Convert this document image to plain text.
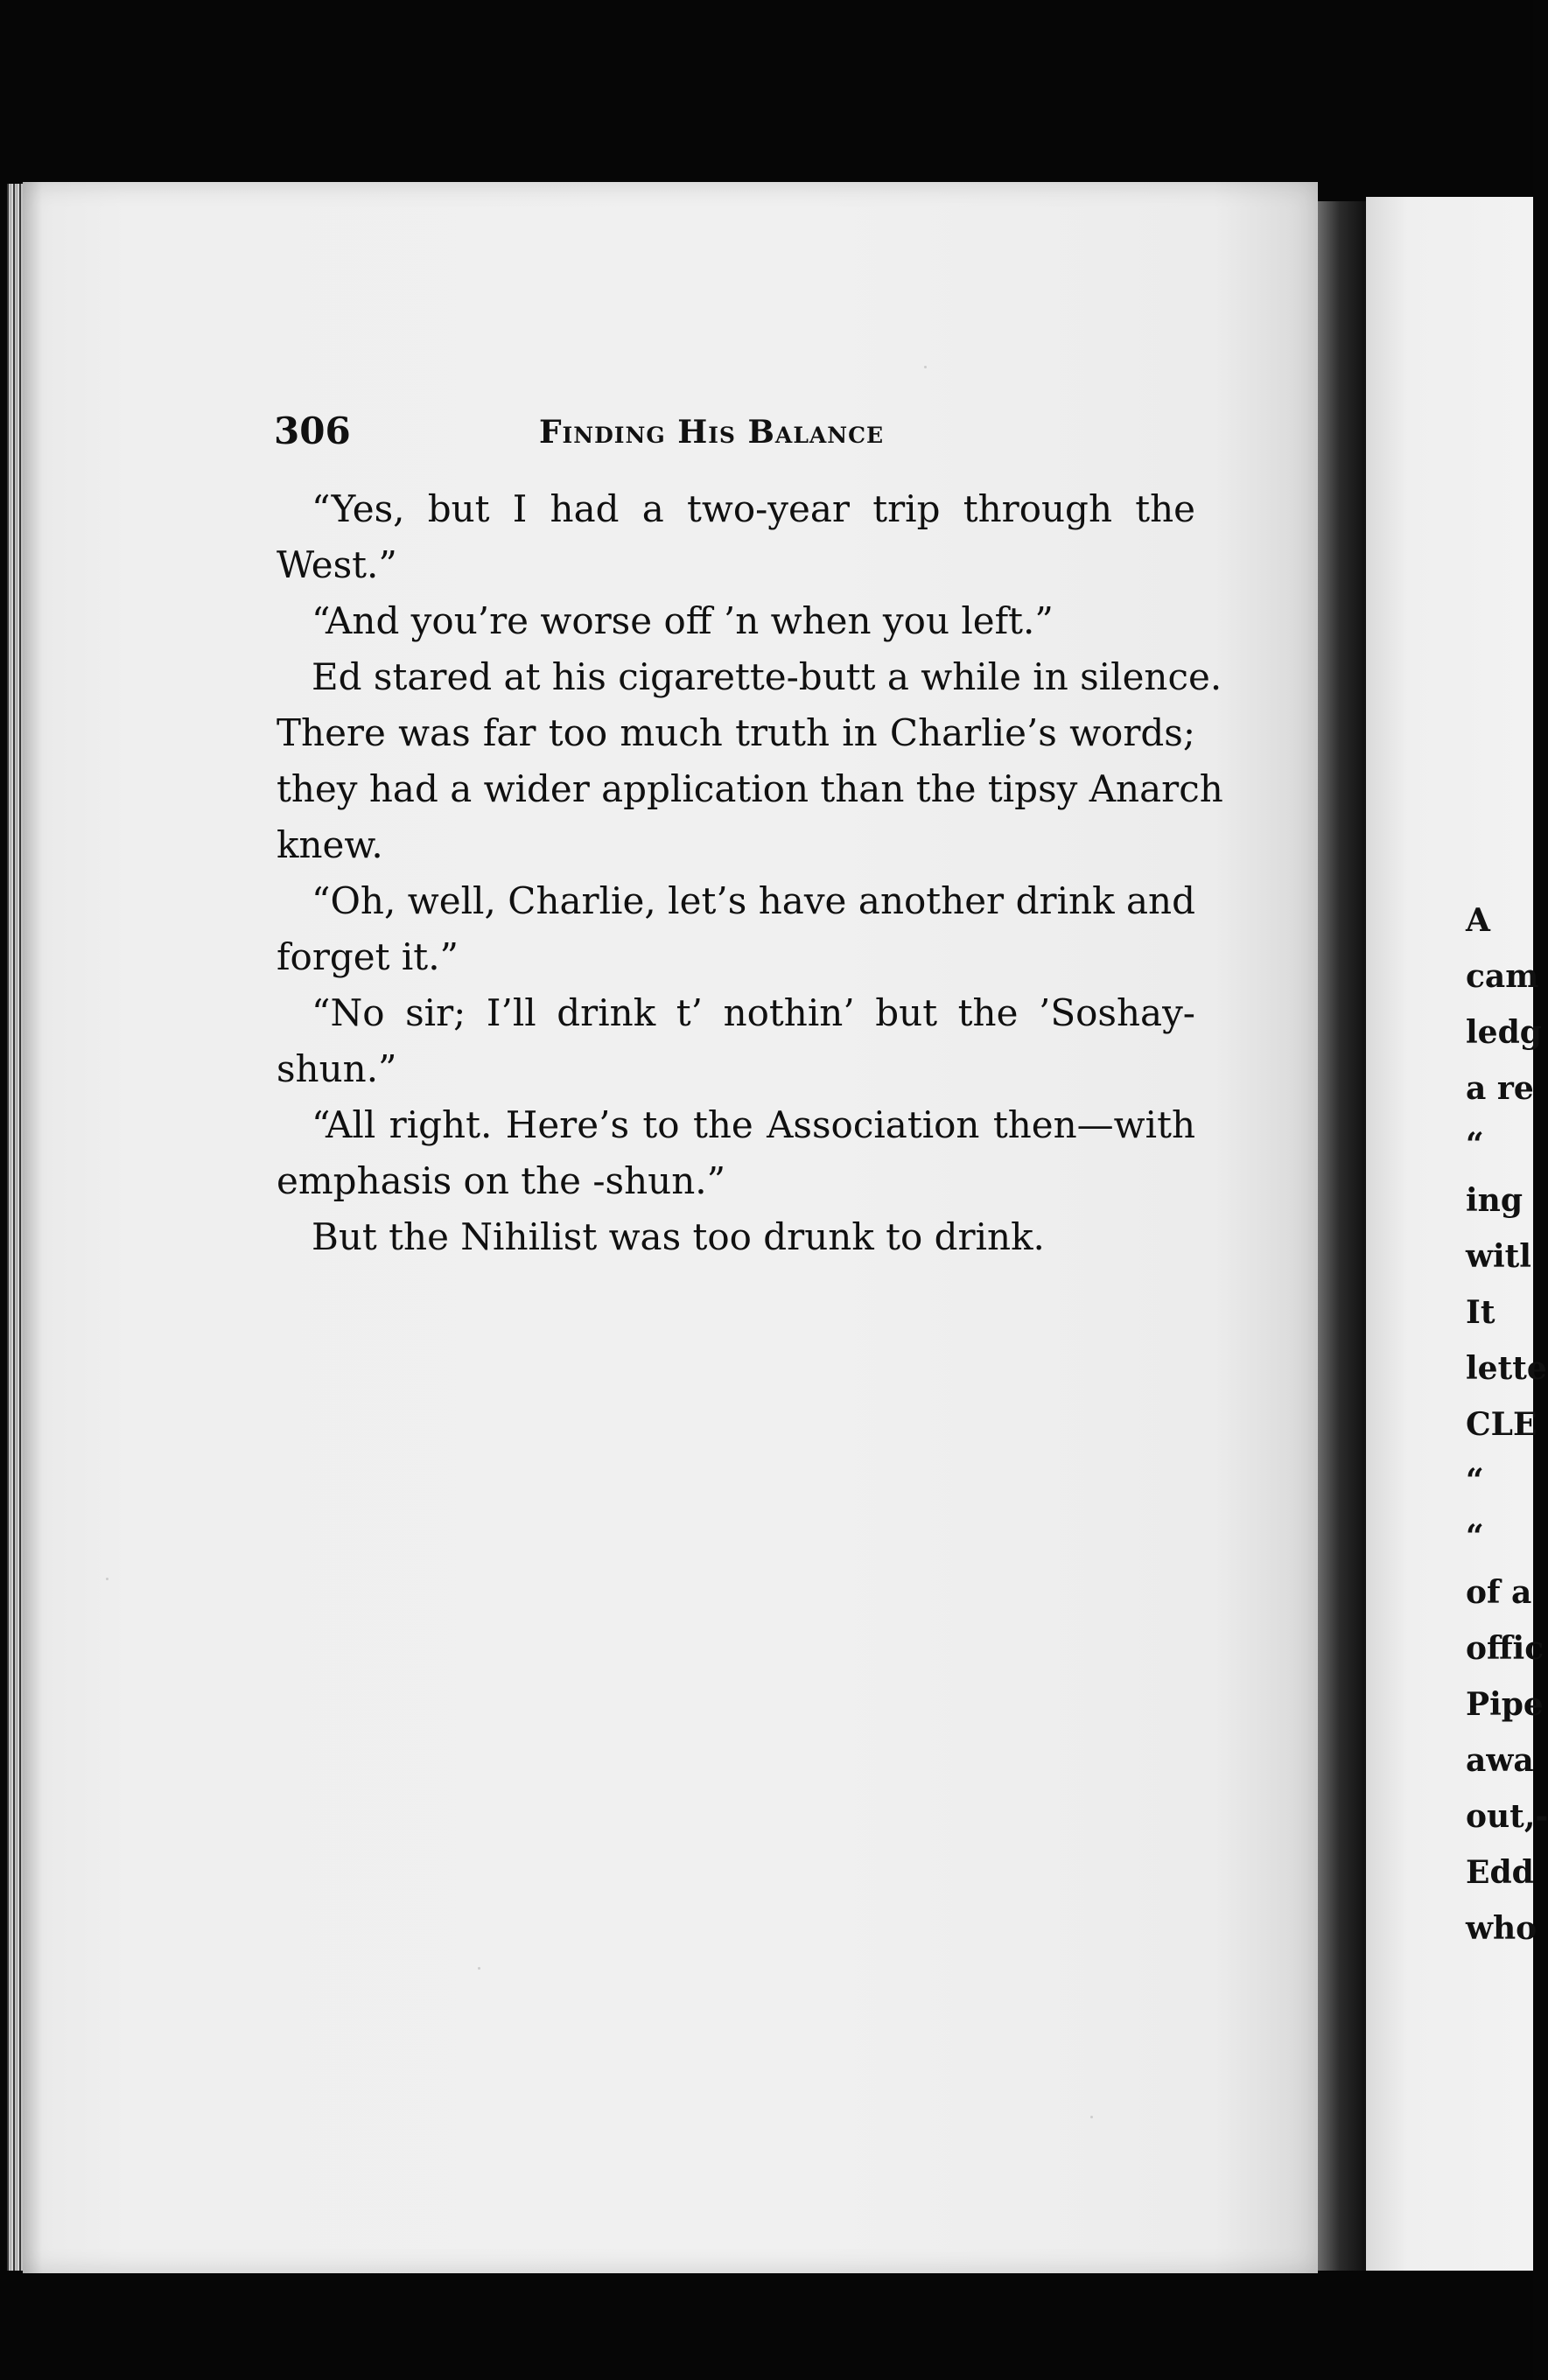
306	Finding His Balance
“Yes, but I had a two-year trip through the
West.”
“And you’re worse off ’n when you left.”
Ed stared at his cigarette-butt a while in silence.
There was far too much truth in Charlie’s words;
they had a wider application than the tipsy Anarch
knew.
“Oh, well, Charlie, let’s have another drink and
forget it.”
“No sir; I’ll drink t’ nothin’ but the ’Soshay-
shun.”
“All right. Here’s to the Association then—with
emphasis on the -shun.”
But the Nihilist was too drunk to drink.
A
cam
ledg
a re
“
ing
witl
It
lette
CLE
“
“
of a
offic
Pipe
awa
out,-
Edd
who
